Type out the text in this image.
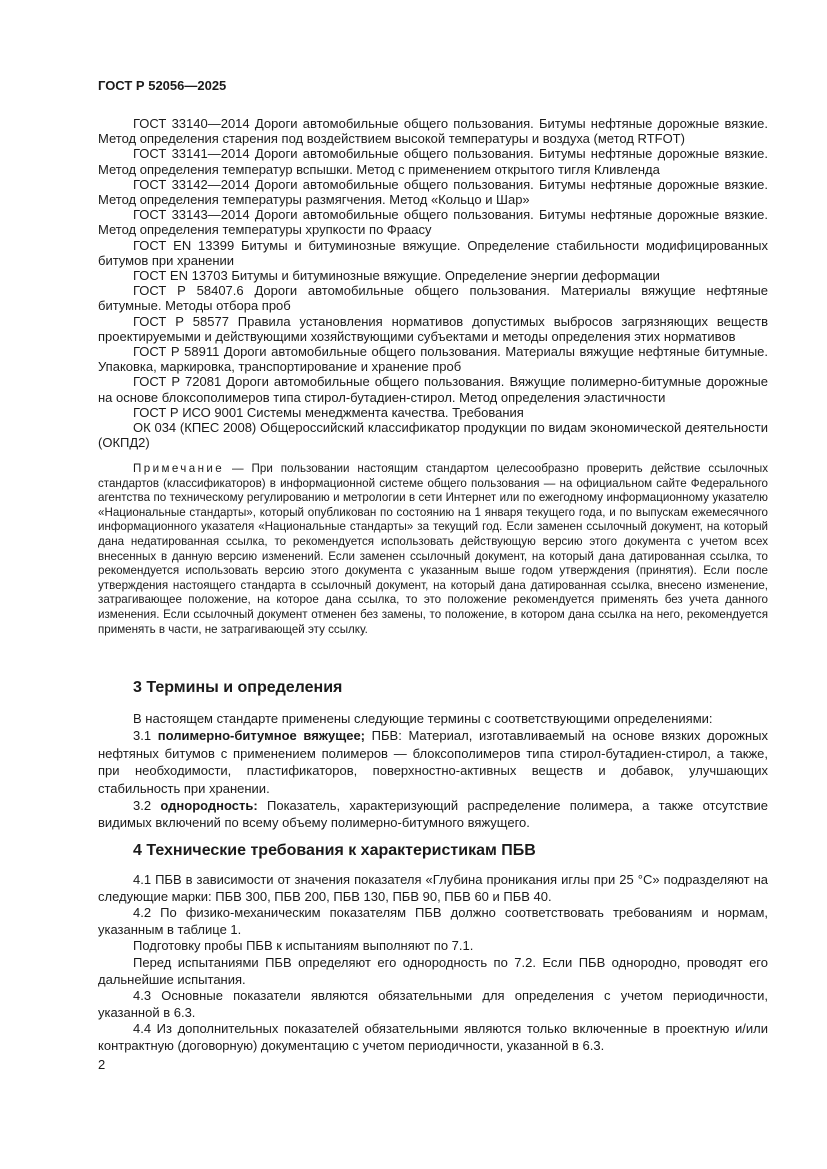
ГОСТ Р 52056—2025

ГОСТ 33140—2014 Дороги автомобильные общего пользования. Битумы нефтяные дорожные вязкие. Метод определения старения под воздействием высокой температуры и воздуха (метод RTFOT)

ГОСТ 33141—2014 Дороги автомобильные общего пользования. Битумы нефтяные дорожные вязкие. Метод определения температур вспышки. Метод с применением открытого тигля Кливленда

ГОСТ 33142—2014 Дороги автомобильные общего пользования. Битумы нефтяные дорожные вязкие. Метод определения температуры размягчения. Метод «Кольцо и Шар»

ГОСТ 33143—2014 Дороги автомобильные общего пользования. Битумы нефтяные дорожные вязкие. Метод определения температуры хрупкости по Фраасу

ГОСТ EN 13399 Битумы и битуминозные вяжущие. Определение стабильности модифицированных битумов при хранении

ГОСТ EN 13703 Битумы и битуминозные вяжущие. Определение энергии деформации

ГОСТ Р 58407.6 Дороги автомобильные общего пользования. Материалы вяжущие нефтяные битумные. Методы отбора проб

ГОСТ Р 58577 Правила установления нормативов допустимых выбросов загрязняющих веществ проектируемыми и действующими хозяйствующими субъектами и методы определения этих нормативов

ГОСТ Р 58911 Дороги автомобильные общего пользования. Материалы вяжущие нефтяные битумные. Упаковка, маркировка, транспортирование и хранение проб

ГОСТ Р 72081 Дороги автомобильные общего пользования. Вяжущие полимерно-битумные дорожные на основе блоксополимеров типа стирол-бутадиен-стирол. Метод определения эластичности

ГОСТ Р ИСО 9001 Системы менеджмента качества. Требования

ОК 034 (КПЕС 2008) Общероссийский классификатор продукции по видам экономической деятельности (ОКПД2)

Примечание — При пользовании настоящим стандартом целесообразно проверить действие ссылочных стандартов (классификаторов) в информационной системе общего пользования — на официальном сайте Федерального агентства по техническому регулированию и метрологии в сети Интернет или по ежегодному информационному указателю «Национальные стандарты», который опубликован по состоянию на 1 января текущего года, и по выпускам ежемесячного информационного указателя «Национальные стандарты» за текущий год. Если заменен ссылочный документ, на который дана недатированная ссылка, то рекомендуется использовать действующую версию этого документа с учетом всех внесенных в данную версию изменений. Если заменен ссылочный документ, на который дана датированная ссылка, то рекомендуется использовать версию этого документа с указанным выше годом утверждения (принятия). Если после утверждения настоящего стандарта в ссылочный документ, на который дана датированная ссылка, внесено изменение, затрагивающее положение, на которое дана ссылка, то это положение рекомендуется применять без учета данного изменения. Если ссылочный документ отменен без замены, то положение, в котором дана ссылка на него, рекомендуется применять в части, не затрагивающей эту ссылку.

3 Термины и определения

В настоящем стандарте применены следующие термины с соответствующими определениями:

3.1 полимерно-битумное вяжущее; ПБВ: Материал, изготавливаемый на основе вязких дорожных нефтяных битумов с применением полимеров — блоксополимеров типа стирол-бутадиен-стирол, а также, при необходимости, пластификаторов, поверхностно-активных веществ и добавок, улучшающих стабильность при хранении.

3.2 однородность: Показатель, характеризующий распределение полимера, а также отсутствие видимых включений по всему объему полимерно-битумного вяжущего.

4 Технические требования к характеристикам ПБВ

4.1 ПБВ в зависимости от значения показателя «Глубина проникания иглы при 25 °С» подразделяют на следующие марки: ПБВ 300, ПБВ 200, ПБВ 130, ПБВ 90, ПБВ 60 и ПБВ 40.

4.2 По физико-механическим показателям ПБВ должно соответствовать требованиям и нормам, указанным в таблице 1.

Подготовку пробы ПБВ к испытаниям выполняют по 7.1.

Перед испытаниями ПБВ определяют его однородность по 7.2. Если ПБВ однородно, проводят его дальнейшие испытания.

4.3 Основные показатели являются обязательными для определения с учетом периодичности, указанной в 6.3.

4.4 Из дополнительных показателей обязательными являются только включенные в проектную и/или контрактную (договорную) документацию с учетом периодичности, указанной в 6.3.

2
